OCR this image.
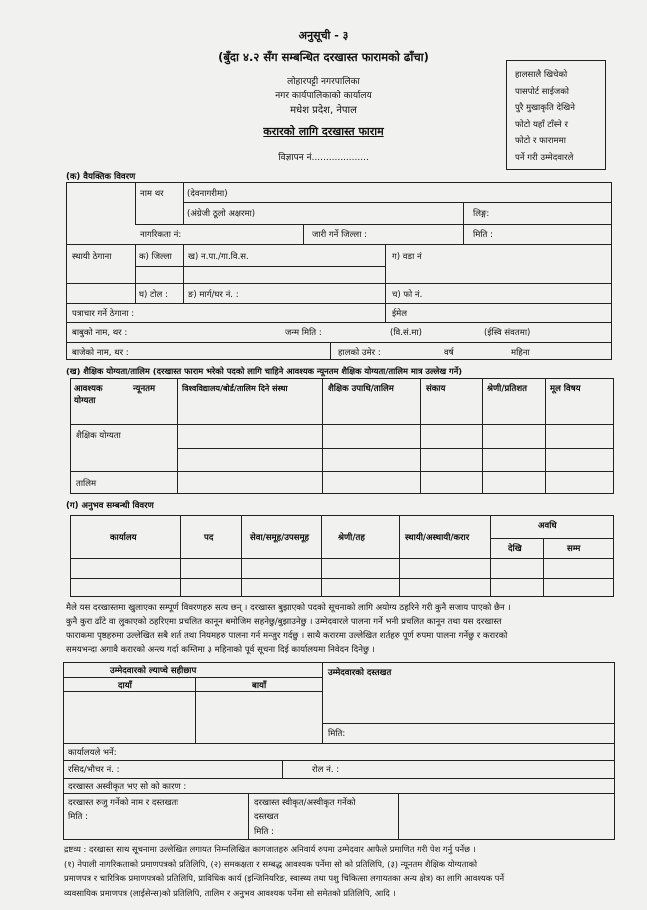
अनुसूची - ३
(बुँदा ४.२ सँग सम्बन्धित दरखास्त फारामको ढाँचा)
लोहारपट्टी नगरपालिका
नगर कार्यपालिकाको कार्यालय
मधेश प्रदेश, नेपाल
करारको लागि दरखास्त फाराम
विज्ञापन नं....................
हालसालै खिचेको
पासपोर्ट साईजको
पुरै मुखाकृति देखिने
फोटो यहाँ टाँस्ने र
फोटो र फाराममा
पर्ने गरी उम्मेदवारले
(क) वैयक्तिक विवरण
नाम थर	(देवनागरीमा)
(अंग्रेजी ठूलो अक्षरमा)	लिङ्ग:
नागरिकता नं:	जारी गर्ने जिल्ला :	मिति :
स्थायी ठेगाना	क) जिल्ला ख) न.पा./गा.वि.स.	ग) वडा नं
घ) टोल : ङ) मार्ग/घर नं. :	च) फो नं.
पत्राचार गर्ने ठेगाना :	ईमेल
बाबुको नाम, थर :	जन्म मिति :	(वि.सं.मा)	(ईस्वि संवतमा)
बाजेको नाम, थर :	हालको उमेर :	वर्ष	महिना
(ख) शैक्षिक योग्यता/तालिम (दरखास्त फाराम भरेको पदको लागि चाहिने आवश्यक न्यूनतम शैक्षिक योग्यता/तालिम मात्र उल्लेख गर्ने)
आवश्यक	न्यूनतम
योग्यता
विश्वविद्यालय/बोर्ड/तालिम दिने संस्था	शैक्षिक उपाधि/तालिम	संकाय	श्रेणी/प्रतिशत	मूल विषय
शैक्षिक योग्यता
तालिम
(ग) अनुभव सम्बन्धी विवरण
कार्यालय	पद	सेवा/समूह/उपसमूह	श्रेणी/तह	स्थायी/अस्थायी/करार
अवधि
देखि	सम्म
मैले यस दरखास्तमा खुलाएका सम्पूर्ण विवरणहरु सत्य छन् । दरखास्त बुझाएको पदको सूचनाको लागि अयोग्य ठहरिने गरी कुनै सजाय पाएको छैन ।
कुनै कुरा ढाँटे वा लुकाएको ठहरिएमा प्रचलित कानून बमोजिम सहनेछु/बुझाउनेछु । उम्मेदवारले पालना गर्ने भनी प्रचलित कानून तथा यस दरखास्त
फाराकमा पृष्ठहरुमा उल्लेखित सबै शर्त तथा नियमहरु पालना गर्न मन्जुर गर्दछु । साथै करारमा उल्लेखित शर्तहरु पूर्ण रुपमा पालना गर्नेछु र करारको
समयभन्दा अगावै करारको अन्त्य गर्दा कम्तिमा ३ महिनाको पूर्व सूचना दिई कार्यालयमा निवेदन दिनेछु ।
उम्मेदवारको ल्याप्चे सहीछाप
दायाँ	बायाँ
उम्मेदवारको दस्तखत
मिति:
कार्यालयले भर्ने:
रसिद/भौचर नं. :	रोल नं. :
दरखास्त अस्वीकृत भए सो को कारण :
दरखास्त रुजु गर्नेको नाम र दस्तखतः
मिति :
दरखास्त स्वीकृत/अस्वीकृत गर्नेको
दस्तखत
मिति :
द्रष्टव्य : दरखास्त साथ सूचनामा उल्लेखित लगायत निम्नलिखित कागजातहरु अनिवार्य रुपमा उम्मेदवार आफैले प्रमाणित गरी पेश गर्नु पर्नेछ ।
(१) नेपाली नागरिकताको प्रमाणपत्रको प्रतिलिपि, (२) समकक्षता र सम्बद्ध आवश्यक पर्नेमा सो को प्रतिलिपि, (३) न्यूनतम शैक्षिक योग्यताको
प्रमाणपत्र र चारित्रिक प्रमाणपत्रको प्रतिलिपि, प्राविधिक कार्य (इन्जिनियरिङ, स्वास्थ्य तथा पशु चिकित्सा लगायतका अन्य क्षेत्र) का लागि आवश्यक पर्ने
व्यवसायिक प्रमाणपत्र (लाईसेन्स)को प्रतिलिपि, तालिम र अनुभव आवश्यक पर्नेमा सो समेतको प्रतिलिपि, आदि ।
